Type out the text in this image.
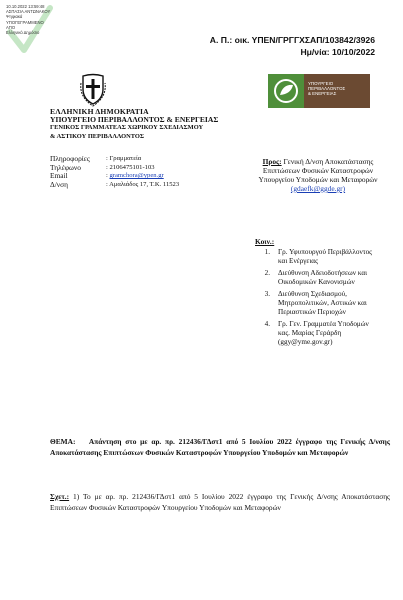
10.10.2022 13:59:48
ΑΣΠΑΣΙΑ ΑΝΤΩΝΑΚΟΥ
Ψηφιακά
ΥΠΟΓΕΓΡΑΜΜΕΝΟ
ΑΠΟ
Ελληνικό Δημόσιο
Α. Π.: οικ. ΥΠΕΝ/ΓΡΓΓΧΣΑΠ/103842/3926
Ημ/νία: 10/10/2022
ΥΠΟΥΡΓΕΙΟ
ΠΕΡΙΒΑΛΛΟΝΤΟΣ
& ΕΝΕΡΓΕΙΑΣ
ΕΛΛΗΝΙΚΗ ΔΗΜΟΚΡΑΤΙΑ
ΥΠΟΥΡΓΕΙΟ ΠΕΡΙΒΑΛΛΟΝΤΟΣ & ΕΝΕΡΓΕΙΑΣ
ΓΕΝΙΚΟΣ ΓΡΑΜΜΑΤΕΑΣ ΧΩΡΙΚΟΥ ΣΧΕΔΙΑΣΜΟΥ
& ΑΣΤΙΚΟΥ ΠΕΡΙΒΑΛΛΟΝΤΟΣ
Πληροφορίες	: Γραμματεία
Τηλέφωνο	: 2106475101-103
Email	: gramchora@ypen.gr
Δ/νση	: Αμαλιάδος 17, Τ.Κ. 11523
Προς: Γενική Δ/νση Αποκατάστασης Επιπτώσεων Φυσικών Καταστροφών Υπουργείου Υποδομών και Μεταφορών
(gdaefk@ggde.gr)
Κοιν.:
1. Γρ. Υφυπουργού Περιβάλλοντος και Ενέργειας
2. Διεύθυνση Αδειοδοτήσεων και Οικοδομικών Κανονισμών
3. Διεύθυνση Σχεδιασμού, Μητροπολιτικών, Αστικών και Περιαστικών Περιοχών
4. Γρ. Γεν. Γραμματέα Υποδομών κας. Μαρίας Γεράρδη (ggy@yme.gov.gr)
ΘΕΜΑ: Απάντηση στο με αρ. πρ. 212436/ΓΔστ1 από 5 Ιουλίου 2022 έγγραφο της Γενικής Δ/νσης Αποκατάστασης Επιπτώσεων Φυσικών Καταστροφών Υπουργείου Υποδομών και Μεταφορών
Σχετ.: 1) Το με αρ. πρ. 212436/ΓΔστ1 από 5 Ιουλίου 2022 έγγραφο της Γενικής Δ/νσης Αποκατάστασης Επιπτώσεων Φυσικών Καταστροφών Υπουργείου Υποδομών και Μεταφορών
